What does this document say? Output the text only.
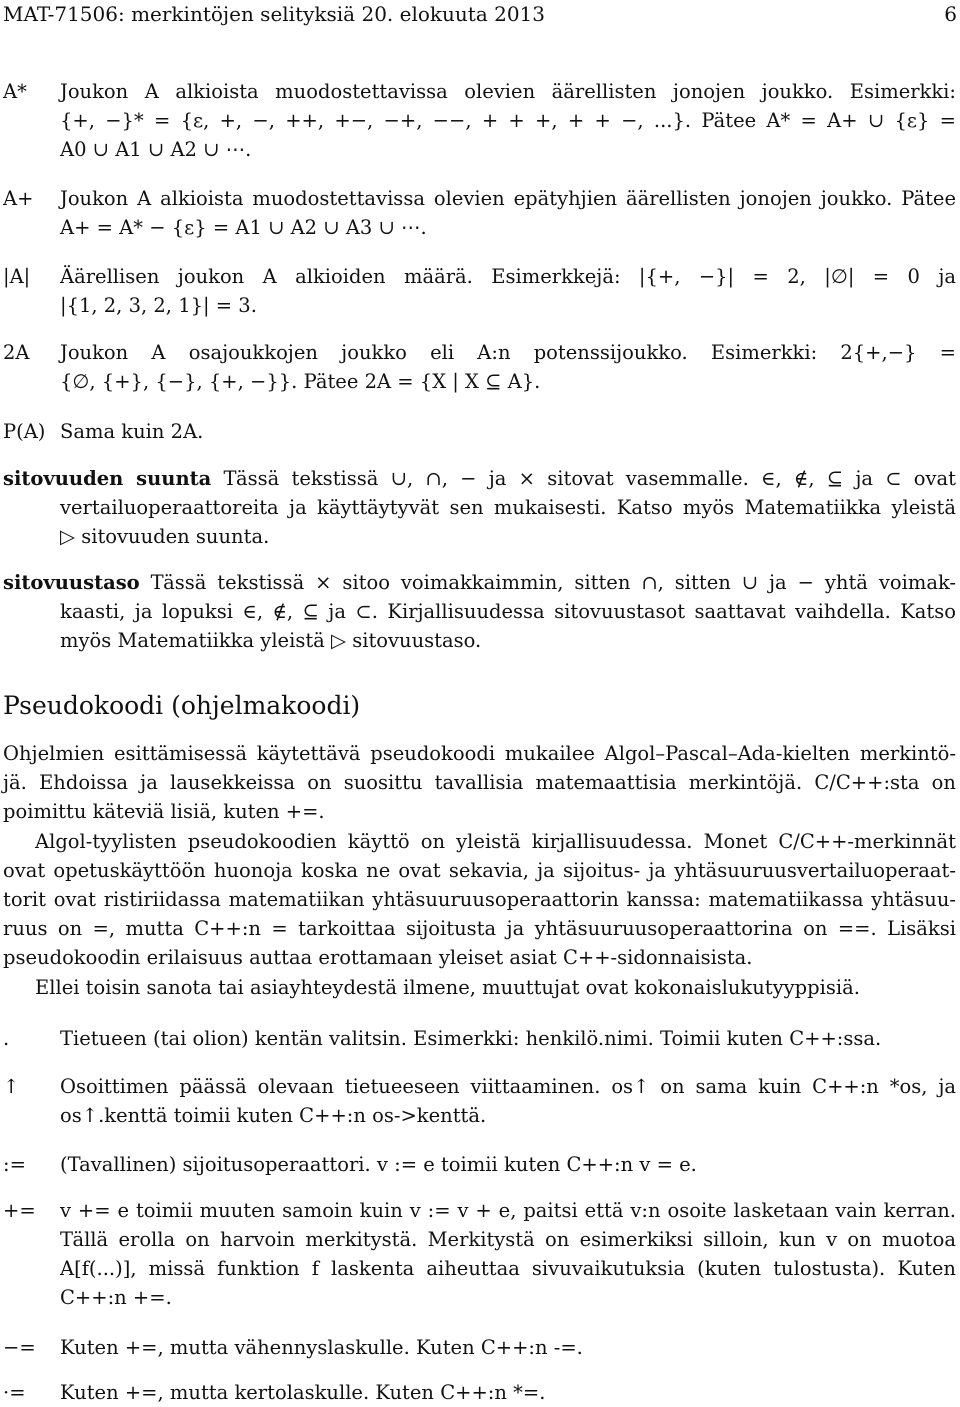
MAT-71506: merkintöjen selityksiä 20. elokuuta 2013	6
A* Joukon A alkioista muodostettavissa olevien äärellisten jonojen joukko. Esimerkki:
{+, −}* = {ε, +, −, ++, +−, −+, −−, + + +, + + −, ...}. Pätee A* = A+ ∪ {ε} =
A0 ∪ A1 ∪ A2 ∪ ⋯.
A+ Joukon A alkioista muodostettavissa olevien epätyhjien äärellisten jonojen joukko. Pätee
A+ = A* − {ε} = A1 ∪ A2 ∪ A3 ∪ ⋯.
|A| Äärellisen joukon A alkioiden määrä. Esimerkkejä: |{+, −}| = 2, |∅| = 0 ja
|{1, 2, 3, 2, 1}| = 3.
2A Joukon A osajoukkojen joukko eli A:n potenssijoukko. Esimerkki: 2{+,−} =
{∅, {+}, {−}, {+, −}}. Pätee 2A = {X | X ⊆ A}.
P(A) Sama kuin 2A.
sitovuuden suunta Tässä tekstissä ∪, ∩, − ja × sitovat vasemmalle. ∈, ∉, ⊆ ja ⊂ ovat
vertailuoperaattoreita ja käyttäytyvät sen mukaisesti. Katso myös Matematiikka yleistä
▷ sitovuuden suunta.
sitovuustaso Tässä tekstissä × sitoo voimakkaimmin, sitten ∩, sitten ∪ ja − yhtä voimak-
kaasti, ja lopuksi ∈, ∉, ⊆ ja ⊂. Kirjallisuudessa sitovuustasot saattavat vaihdella. Katso
myös Matematiikka yleistä ▷ sitovuustaso.
Pseudokoodi (ohjelmakoodi)
Ohjelmien esittämisessä käytettävä pseudokoodi mukailee Algol–Pascal–Ada-kielten merkintö-
jä. Ehdoissa ja lausekkeissa on suosittu tavallisia matemaattisia merkintöjä. C/C++:sta on
poimittu käteviä lisiä, kuten +=.
Algol-tyylisten pseudokoodien käyttö on yleistä kirjallisuudessa. Monet C/C++-merkinnät
ovat opetuskäyttöön huonoja koska ne ovat sekavia, ja sijoitus- ja yhtäsuuruusvertailuoperaat-
torit ovat ristiriidassa matematiikan yhtäsuuruusoperaattorin kanssa: matematiikassa yhtäsuu-
ruus on =, mutta C++:n = tarkoittaa sijoitusta ja yhtäsuuruusoperaattorina on ==. Lisäksi
pseudokoodin erilaisuus auttaa erottamaan yleiset asiat C++-sidonnaisista.
Ellei toisin sanota tai asiayhteydestä ilmene, muuttujat ovat kokonaislukutyyppisiä.
.	Tietueen (tai olion) kentän valitsin. Esimerkki: henkilö.nimi. Toimii kuten C++:ssa.
↑ Osoittimen päässä olevaan tietueeseen viittaaminen. os↑ on sama kuin C++:n *os, ja
os↑.kenttä toimii kuten C++:n os->kenttä.
:= (Tavallinen) sijoitusoperaattori. v := e toimii kuten C++:n v = e.
+= v += e toimii muuten samoin kuin v := v + e, paitsi että v:n osoite lasketaan vain kerran.
Tällä erolla on harvoin merkitystä. Merkitystä on esimerkiksi silloin, kun v on muotoa
A[f(...)], missä funktion f laskenta aiheuttaa sivuvaikutuksia (kuten tulostusta). Kuten
C++:n +=.
−= Kuten +=, mutta vähennyslaskulle. Kuten C++:n -=.
·= Kuten +=, mutta kertolaskulle. Kuten C++:n *=.
